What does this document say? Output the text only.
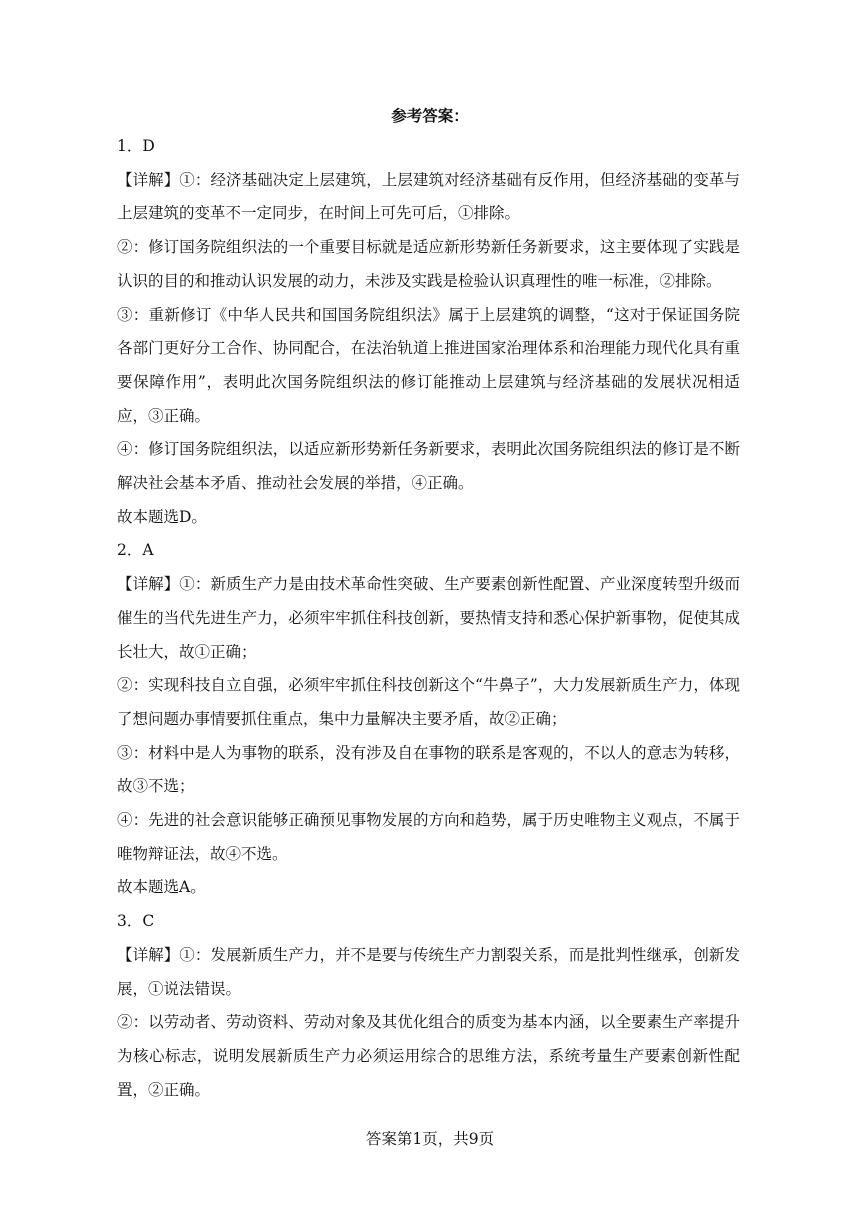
参考答案：

1．D

【详解】①：经济基础决定上层建筑，上层建筑对经济基础有反作用，但经济基础的变革与上层建筑的变革不一定同步，在时间上可先可后，①排除。

②：修订国务院组织法的一个重要目标就是适应新形势新任务新要求，这主要体现了实践是认识的目的和推动认识发展的动力，未涉及实践是检验认识真理性的唯一标准，②排除。

③：重新修订《中华人民共和国国务院组织法》属于上层建筑的调整，“这对于保证国务院各部门更好分工合作、协同配合，在法治轨道上推进国家治理体系和治理能力现代化具有重要保障作用”，表明此次国务院组织法的修订能推动上层建筑与经济基础的发展状况相适应，③正确。

④：修订国务院组织法，以适应新形势新任务新要求，表明此次国务院组织法的修订是不断解决社会基本矛盾、推动社会发展的举措，④正确。

故本题选D。

2．A

【详解】①：新质生产力是由技术革命性突破、生产要素创新性配置、产业深度转型升级而催生的当代先进生产力，必须牢牢抓住科技创新，要热情支持和悉心保护新事物，促使其成长壮大，故①正确；

②：实现科技自立自强，必须牢牢抓住科技创新这个“牛鼻子”，大力发展新质生产力，体现了想问题办事情要抓住重点，集中力量解决主要矛盾，故②正确；

③：材料中是人为事物的联系，没有涉及自在事物的联系是客观的，不以人的意志为转移，故③不选；

④：先进的社会意识能够正确预见事物发展的方向和趋势，属于历史唯物主义观点，不属于唯物辩证法，故④不选。

故本题选A。

3．C

【详解】①：发展新质生产力，并不是要与传统生产力割裂关系，而是批判性继承，创新发展，①说法错误。

②：以劳动者、劳动资料、劳动对象及其优化组合的质变为基本内涵，以全要素生产率提升为核心标志，说明发展新质生产力必须运用综合的思维方法，系统考量生产要素创新性配置，②正确。

答案第1页，共9页
